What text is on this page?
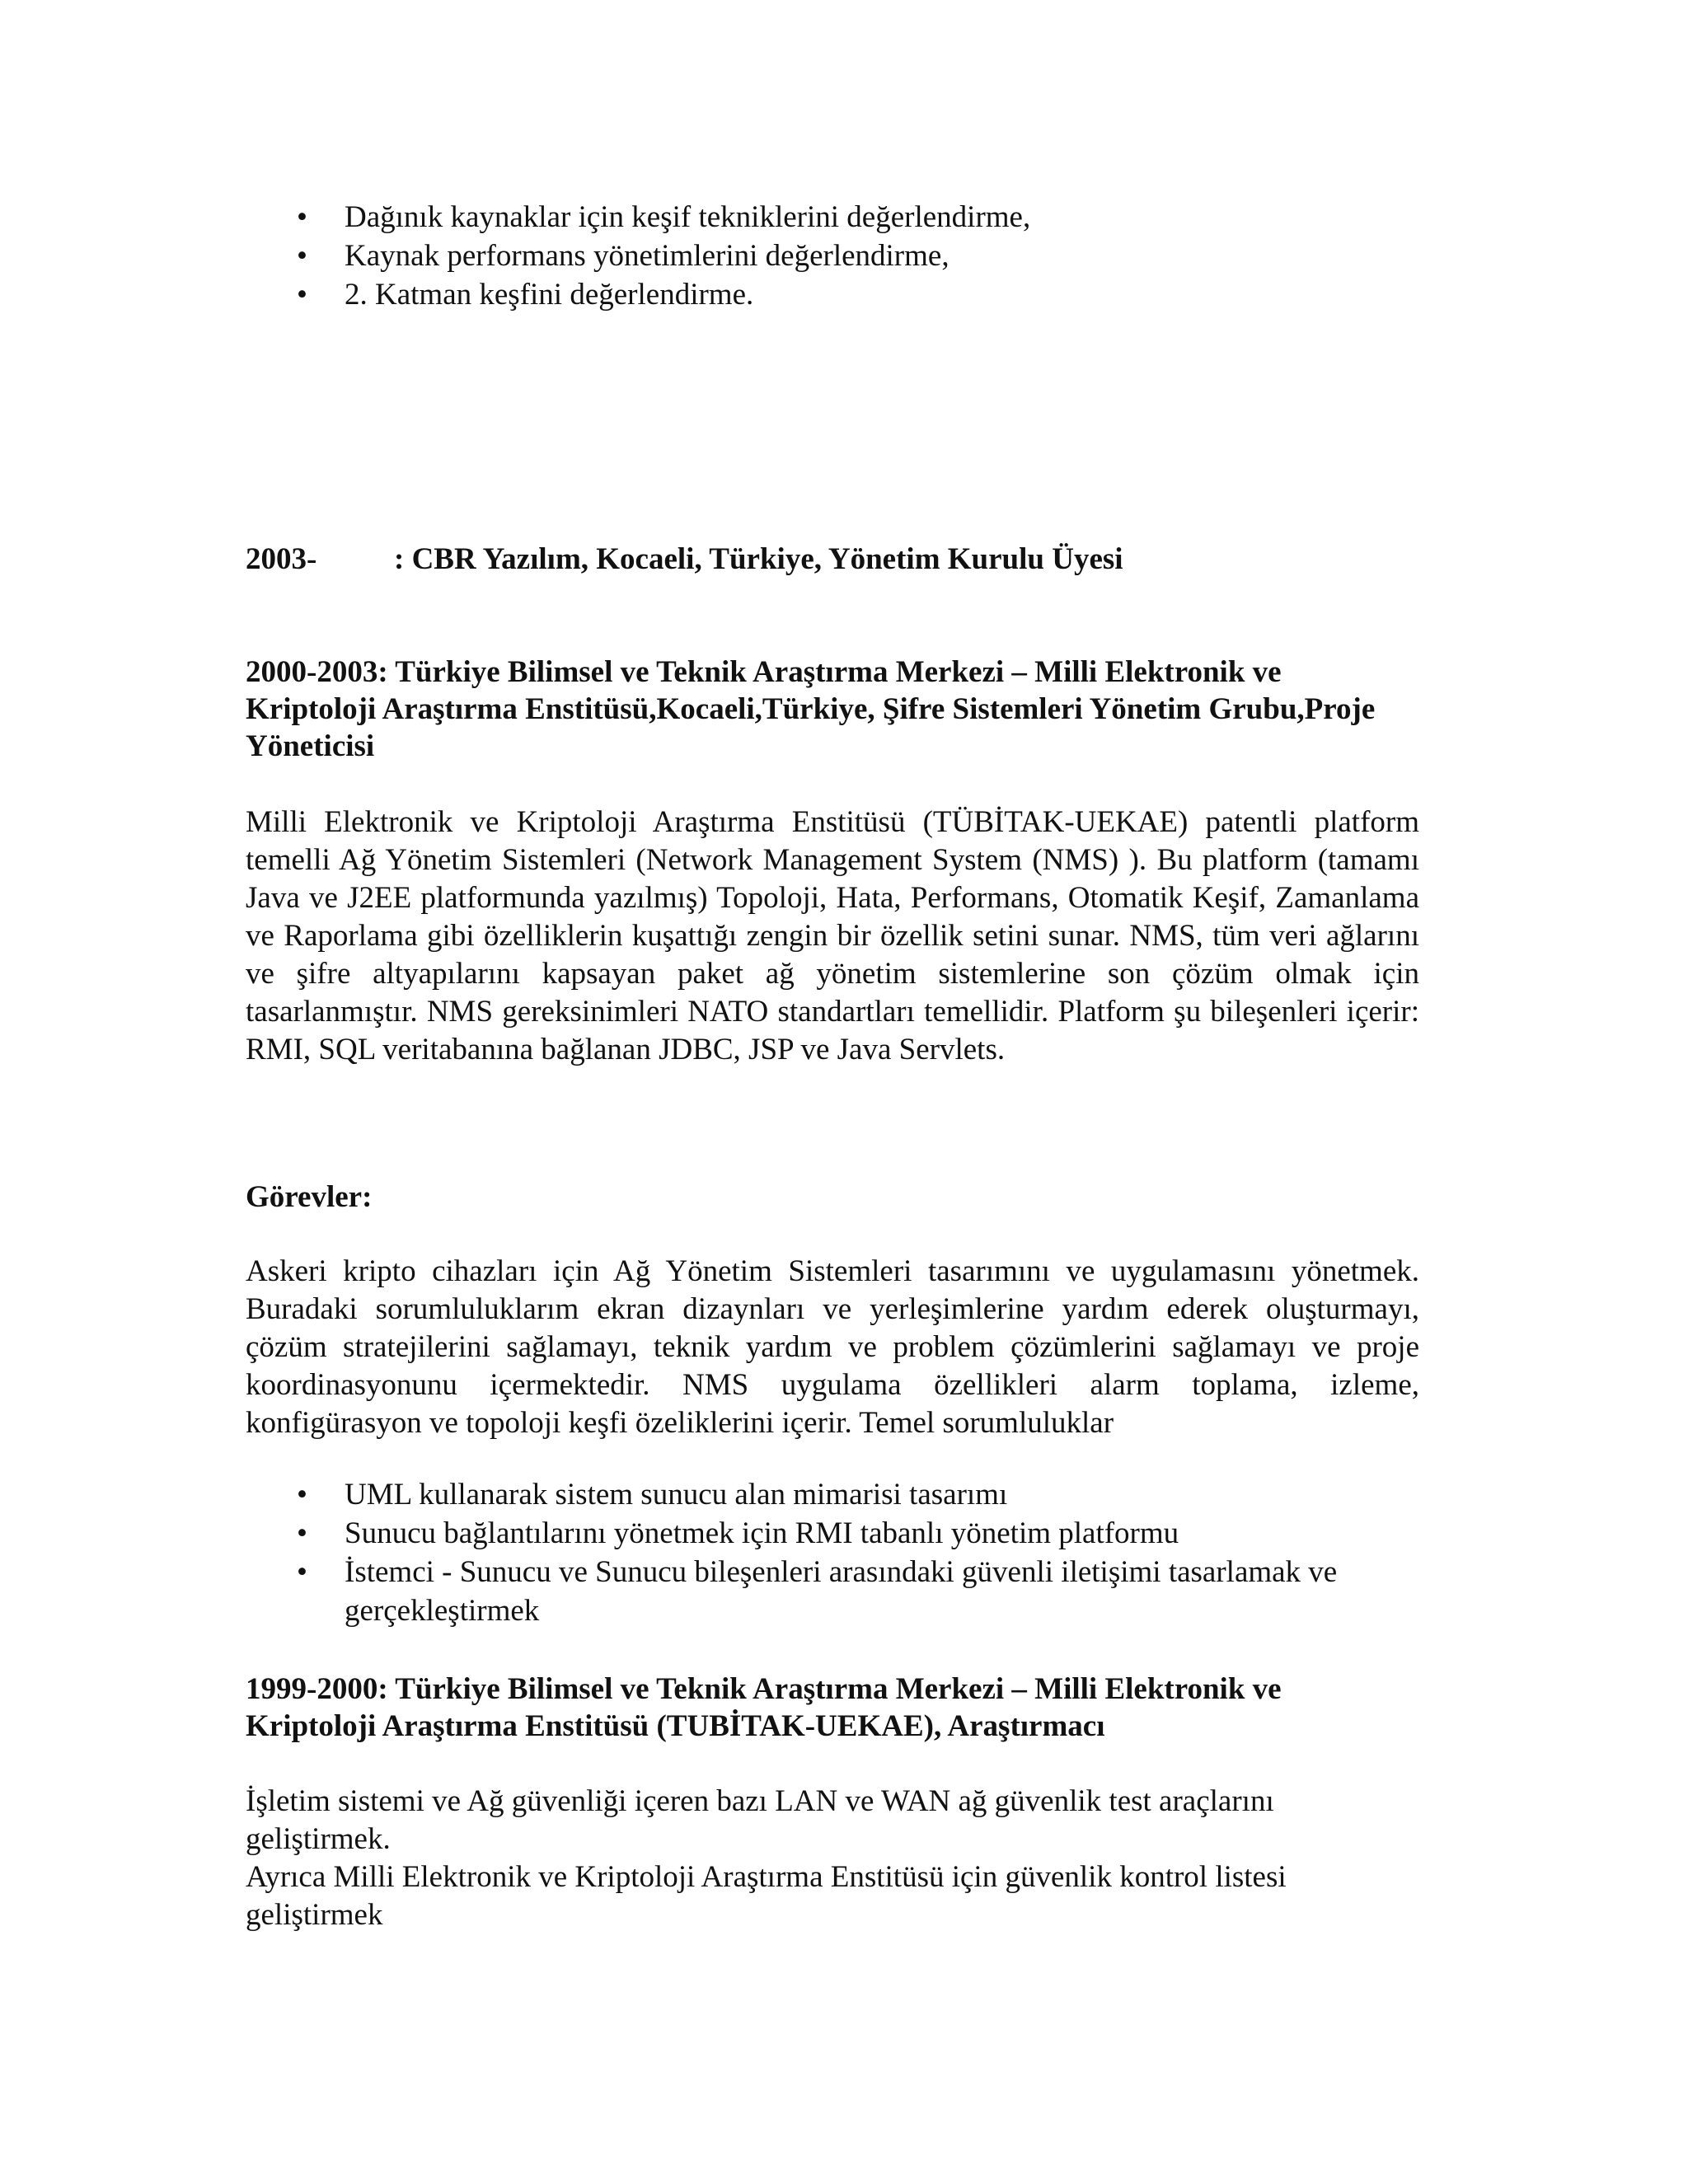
• Dağınık kaynaklar için keşif tekniklerini değerlendirme,
• Kaynak performans yönetimlerini değerlendirme,
• 2. Katman keşfini değerlendirme.
2003-	: CBR Yazılım, Kocaeli, Türkiye, Yönetim Kurulu Üyesi

2000-2003: Türkiye Bilimsel ve Teknik Araştırma Merkezi – Milli Elektronik ve Kriptoloji Araştırma Enstitüsü,Kocaeli,Türkiye, Şifre Sistemleri Yönetim Grubu,Proje Yöneticisi

Milli Elektronik ve Kriptoloji Araştırma Enstitüsü (TÜBİTAK-UEKAE) patentli platform temelli Ağ Yönetim Sistemleri (Network Management System (NMS) ). Bu platform (tamamı Java ve J2EE platformunda yazılmış) Topoloji, Hata, Performans, Otomatik Keşif, Zamanlama ve Raporlama gibi özelliklerin kuşattığı zengin bir özellik setini sunar. NMS, tüm veri ağlarını ve şifre altyapılarını kapsayan paket ağ yönetim sistemlerine son çözüm olmak için tasarlanmıştır. NMS gereksinimleri NATO standartları temellidir. Platform şu bileşenleri içerir: RMI, SQL veritabanına bağlanan JDBC, JSP ve Java Servlets.

Görevler:

Askeri kripto cihazları için Ağ Yönetim Sistemleri tasarımını ve uygulamasını yönetmek. Buradaki sorumluluklarım ekran dizaynları ve yerleşimlerine yardım ederek oluşturmayı, çözüm stratejilerini sağlamayı, teknik yardım ve problem çözümlerini sağlamayı ve proje koordinasyonunu içermektedir. NMS uygulama özellikleri alarm toplama, izleme, konfigürasyon ve topoloji keşfi özeliklerini içerir. Temel sorumluluklar

• UML kullanarak sistem sunucu alan mimarisi tasarımı
• Sunucu bağlantılarını yönetmek için RMI tabanlı yönetim platformu
• İstemci - Sunucu ve Sunucu bileşenleri arasındaki güvenli iletişimi tasarlamak ve gerçekleştirmek

1999-2000: Türkiye Bilimsel ve Teknik Araştırma Merkezi – Milli Elektronik ve Kriptoloji Araştırma Enstitüsü (TUBİTAK-UEKAE), Araştırmacı

İşletim sistemi ve Ağ güvenliği içeren bazı LAN ve WAN ağ güvenlik test araçlarını geliştirmek.

Ayrıca Milli Elektronik ve Kriptoloji Araştırma Enstitüsü için güvenlik kontrol listesi geliştirmek
